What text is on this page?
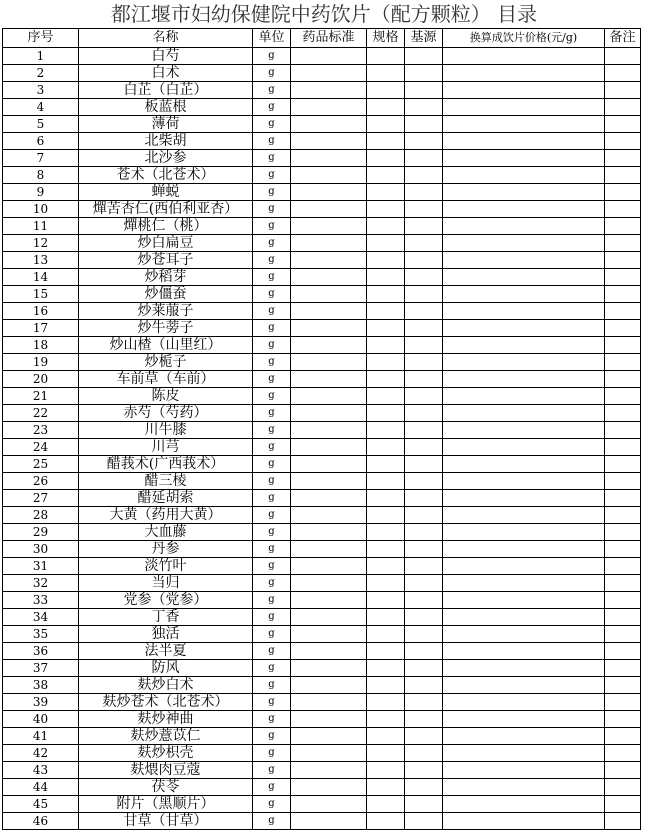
都江堰市妇幼保健院中药饮片（配方颗粒） 目录
序号	名称	单位	药品标准	规格	基源	换算成饮片价格(元/g)	备注
1	白芍	g					
2	白术	g					
3	白芷（白芷）	g					
4	板蓝根	g					
5	薄荷	g					
6	北柴胡	g					
7	北沙参	g					
8	苍术（北苍术）	g					
9	蝉蜕	g					
10	燀苦杏仁(西伯利亚杏）	g					
11	燀桃仁（桃）	g					
12	炒白扁豆	g					
13	炒苍耳子	g					
14	炒稻芽	g					
15	炒僵蚕	g					
16	炒莱菔子	g					
17	炒牛蒡子	g					
18	炒山楂（山里红）	g					
19	炒栀子	g					
20	车前草（车前）	g					
21	陈皮	g					
22	赤芍（芍药）	g					
23	川牛膝	g					
24	川芎	g					
25	醋莪术(广西莪术）	g					
26	醋三棱	g					
27	醋延胡索	g					
28	大黄（药用大黄）	g					
29	大血藤	g					
30	丹参	g					
31	淡竹叶	g					
32	当归	g					
33	党参（党参）	g					
34	丁香	g					
35	独活	g					
36	法半夏	g					
37	防风	g					
38	麸炒白术	g					
39	麸炒苍术（北苍术）	g					
40	麸炒神曲	g					
41	麸炒薏苡仁	g					
42	麸炒枳壳	g					
43	麸煨肉豆蔻	g					
44	茯苓	g					
45	附片（黑顺片）	g					
46	甘草（甘草）	g					
